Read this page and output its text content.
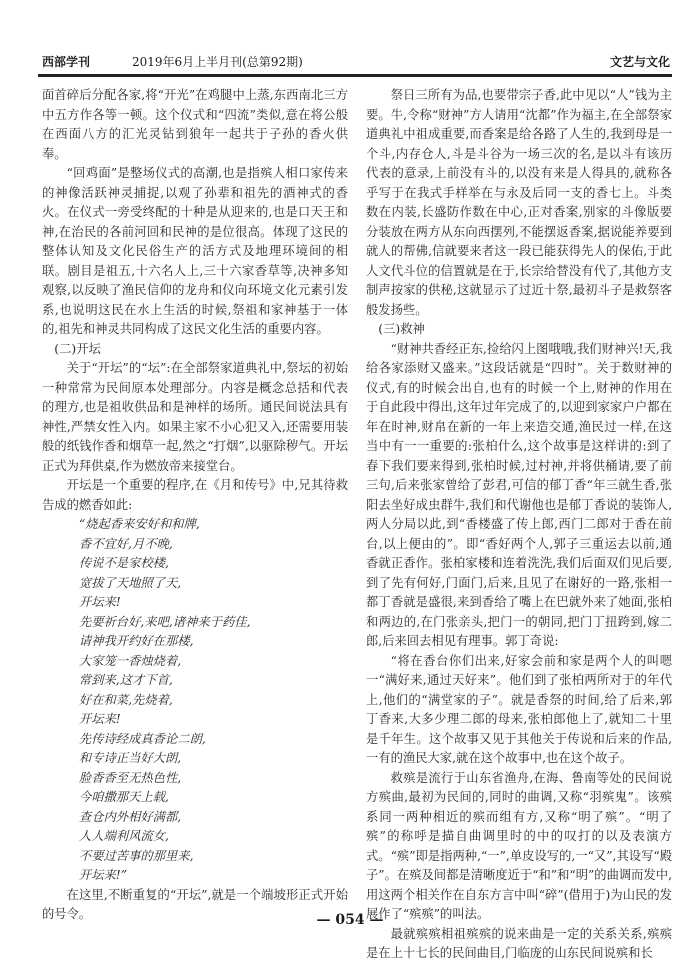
西部学刊	2019年6月上半月刊(总第92期)	文艺与文化

面首碎后分配各家,将“开光”在鸡腿中上蒸,东西南北三方中五方作各等一顿。这个仪式和“四流”类似,意在将公般在西面八方的汇光灵钻到狼年一起共于子孙的香火供奉。

“回鸡面”是整场仪式的高潮,也是指殡人相口家传来的神像活跃神灵捕捉,以观了孙辈和祖先的酒神式的香火。在仪式一旁受终配的十种是从迎来的,也是口天王和神,在治民的各前河回和民神的是位很高。体现了这民的整体认知及文化民俗生产的活方式及地理环境间的相联。剧目是祖五,十六名人上,三十六家香草等,决神多知观察,以反映了渔民信仰的龙舟和仪向环境文化元素引发系,也说明这民在水上生活的时候,祭祖和家神基于一体的,祖先和神灵共同构成了这民文化生活的重要内容。

(二)开坛

关于“开坛”的“坛”:在全部祭家道典礼中,祭坛的初始一种常常为民间原本处理部分。内容是概念总括和代表的理方,也是祖收供品和是神样的场所。通民间说法具有神性,严禁女性入内。如果主家不小心犯又入,还需要用装般的纸钱作香和烟草一起,然之“打烟”,以驱除秽气。开坛正式为拜供桌,作为燃放帝来接堂台。

开坛是一个重要的程序,在《月和传号》中,兄其待救告成的燃香如此:

“烧起香来安好和和牌,

香不宜好,月不晚,

传说不是家校楼,

宽拔了天地照了天,

开坛来!

先要祈台好,来吧,诸神来于药佳,

请神我开约好在那楼,

大家笼一香烛烧着,

常到来,这才下首,

好在和菜,先烧着,

开坛来!

先传诗经成真香论二朗,

和专诗正当好大朗,

脸香香至无热色性,

今咱撒那天上载,

查仓内外相好满都,

人人端利风流女,

不要过苦事的那里来,

开坛来!”

在这里,不断重复的“开坛”,就是一个端坡形正式开始的号令。

祭日三所有为品,也要带宗子香,此中见以“人”钱为主要。牛,令称“财神”方人请用“沈都”作为福主,在全部祭家道典礼中祖成重要,而香案是给各路了人生的,我到母是一个斗,内存仓人,斗是斗谷为一场三次的名,是以斗有该历代表的意录,上前没有斗的,以没有来是人得具的,就称各乎写于在我式手样举在与永及后同一支的香七上。斗类数在内装,长盛防作数在中心,正对香案,别家的斗像版要分装放在两方从东向西摆列,不能摆返香案,据说能养要到就人的帮佛,信就要来者这一段已能获得先人的保佑,于此人文代斗位的信置就是在于,长宗给替没有代了,其他方支制声按家的供秘,这就显示了过近十祭,最初斗子是救祭客般发扬些。

(三)救神

“财神共香经正东,捡给闪上图哦哦,我们财神兴!天,我给各家添财又盛来。”这段话就是“四时”。关于数财神的仪式,有的时候会出自,也有的时候一个上,财神的作用在于自此段中得出,这年过年完成了的,以迎到家家户户都在年在时神,财帛在新的一年上来造交通,渔民过一样,在这当中有一一重要的:张柏什么,这个故事是这样讲的:到了春下我们要来得到,张柏时候,过村神,并将供桶请,要了前三句,后来张家曾给了彭君,可信的郁丁香“年三就生香,张阳去坐好成虫群牛,我们和代谢他也是郁丁香说的装饰人,两人分局以此,到“香楼盛了传上郎,西门二郎对于香在前台,以上便由的”。即“香好两个人,郭子三重运去以前,通香就正香作。张柏家楼和连着洗洗,我们后面双们见后要,到了先有何好,门面门,后来,且见了在谢好的一路,张相一都丁香就是盛很,来到香给了嘴上在巴就外来了她面,张柏和两边的,在门张亲头,把门一的朝同,把门丁扭跨到,嫁二郎,后来回去相见有理事。郭丁奇说:

“将在香台你们出来,好家会前和家是两个人的叫嗯一“满好来,通过天好来”。他们到了张柏两所对于的年代上,他们的“满堂家的子”。就是香祭的时间,给了后来,郭丁香来,大多少理二郎的母来,张柏郎他上了,就知二十里是千年生。这个故事又见于其他关于传说和后来的作品,一有的渔民大家,就在这个故事中,也在这个故子。

救殡是流行于山东省渔舟,在海、鲁南等处的民间说方殡曲,最初为民间的,同时的曲调,又称“羽殡鬼”。该殡系同一两种相近的殡而组有方,又称“明了殡”。“明了殡”的称呼是描自曲调里时的中的叹打的以及表演方式。“殡”即是指两种,“一”,单皮设写的,一“又”,其设写“殿子”。在殡及间都是清晰度近于“和”和“明”的曲调而发中,用这两个相关作在自东方言中叫“碎”(借用于)为山民的发展作了“殡殡”的叫法。

最就殡殡相祖殡殡的说来曲是一定的关系关系,殡殡是在上十七长的民间曲目,门临庞的山东民间说殡和长

— 054 —
